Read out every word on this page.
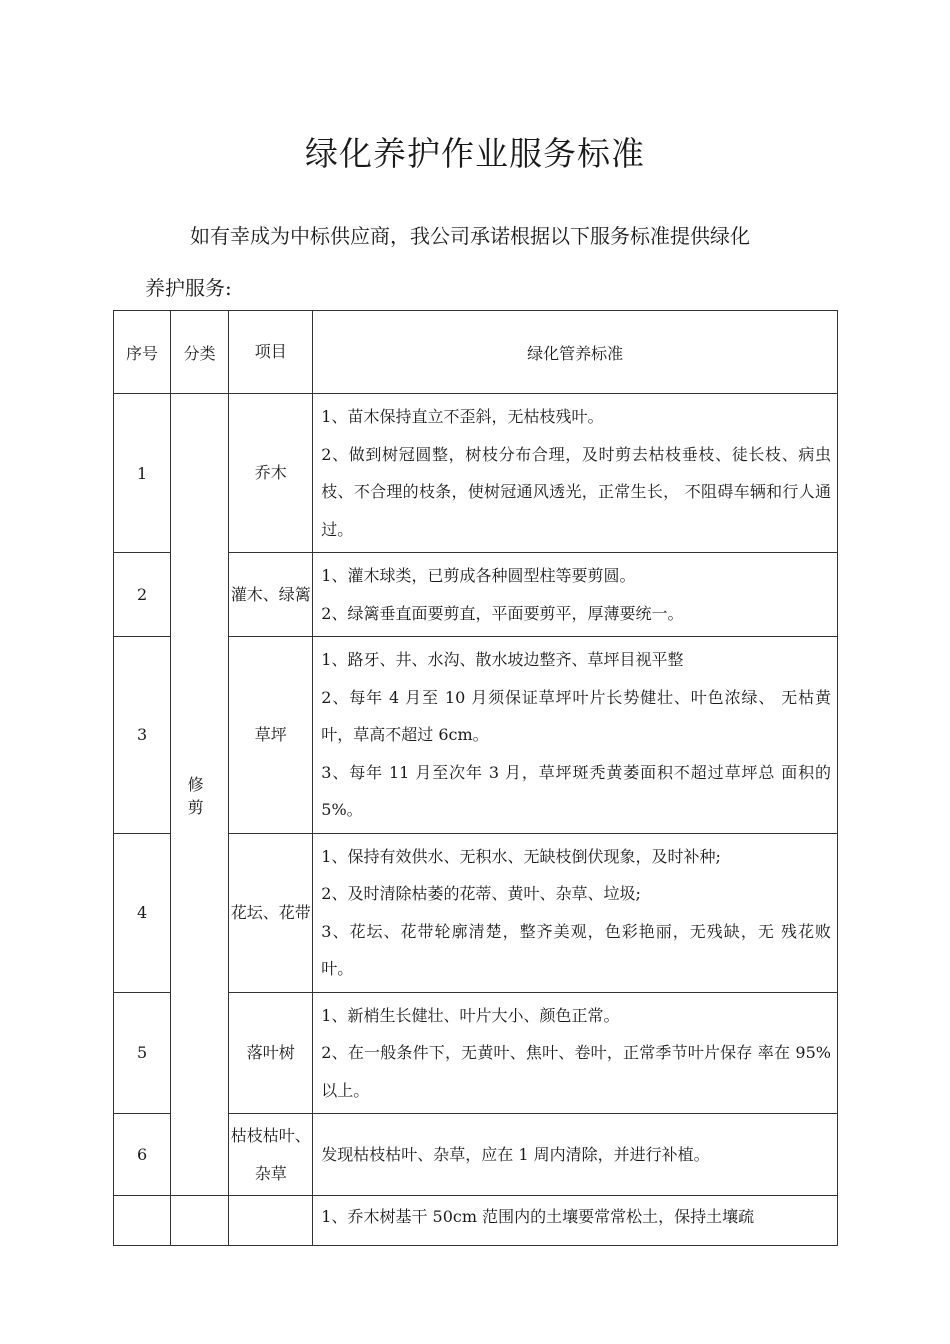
绿化养护作业服务标准
如有幸成为中标供应商，我公司承诺根据以下服务标准提供绿化
养护服务:
序号	分类	项目	绿化管养标准
1	修 剪	乔木	1、苗木保持直立不歪斜，无枯枝残叶。
2、做到树冠圆整，树枝分布合理，及时剪去枯枝垂枝、徒长枝、病虫枝、不合理的枝条，使树冠通风透光，正常生长， 不阻碍车辆和行人通过。

2		灌木、绿篱	1、灌木球类，已剪成各种圆型柱等要剪圆。
2、绿篱垂直面要剪直，平面要剪平，厚薄要统一。

3		草坪	1、路牙、井、水沟、散水坡边整齐、草坪目视平整
2、每年 4 月至 10 月须保证草坪叶片长势健壮、叶色浓绿、 无枯黄叶，草高不超过 6cm。
3、每年 11 月至次年 3 月，草坪斑秃黄萎面积不超过草坪总 面积的 5%。

4		花坛、花带	1、保持有效供水、无积水、无缺枝倒伏现象，及时补种;
2、及时清除枯萎的花蒂、黄叶、杂草、垃圾;
3、花坛、花带轮廓清楚，整齐美观，色彩艳丽，无残缺，无 残花败叶。

5		落叶树	1、新梢生长健壮、叶片大小、颜色正常。
2、在一般条件下，无黄叶、焦叶、卷叶，正常季节叶片保存 率在 95%以上。

6		枯枝枯叶、杂草	发现枯枝枯叶、杂草，应在 1 周内清除，并进行补植。

			1、乔木树基干 50cm 范围内的土壤要常常松土，保持土壤疏
